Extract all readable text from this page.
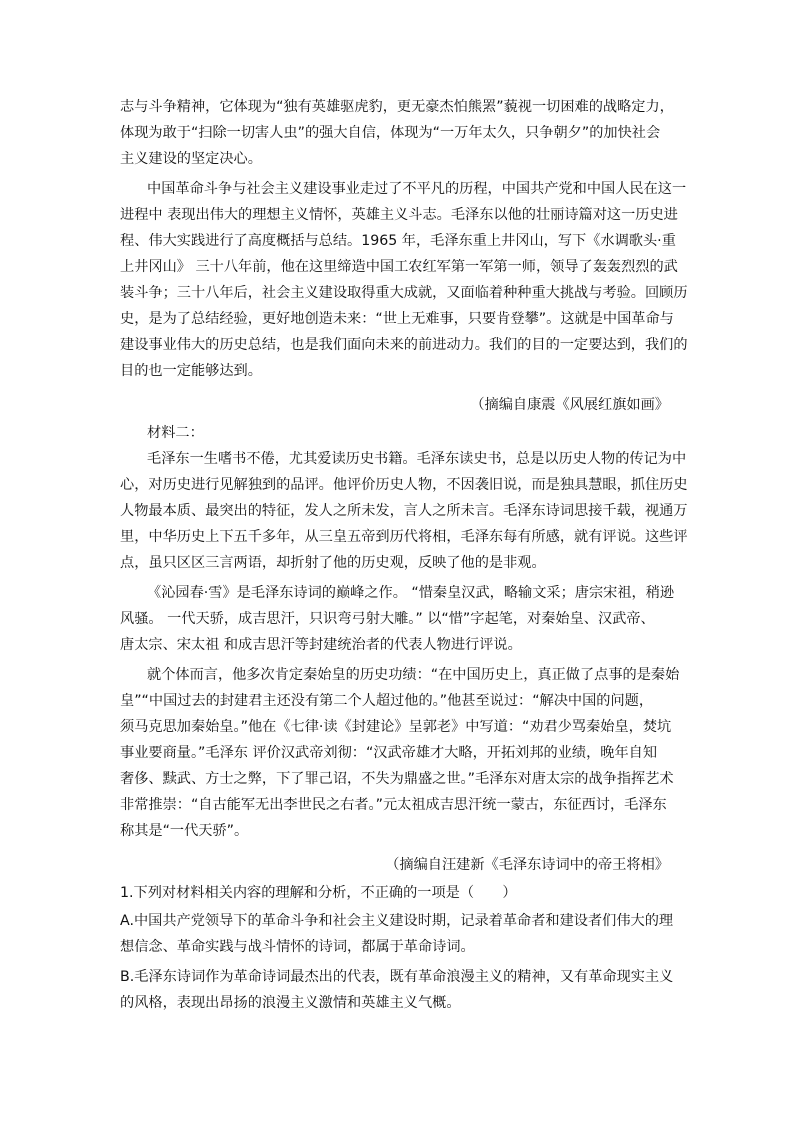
志与斗争精神，它体现为“独有英雄驱虎豹，更无豪杰怕熊罴”藐视一切困难的战略定力，
体现为敢于“扫除一切害人虫”的强大自信，体现为“一万年太久，只争朝夕”的加快社会
主义建设的坚定决心。
中国革命斗争与社会主义建设事业走过了不平凡的历程，中国共产党和中国人民在这一
进程中 表现出伟大的理想主义情怀，英雄主义斗志。毛泽东以他的壮丽诗篇对这一历史进
程、伟大实践进行了高度概括与总结。1965 年，毛泽东重上井冈山，写下《水调歌头·重
上井冈山》 三十八年前，他在这里缔造中国工农红军第一军第一师，领导了轰轰烈烈的武
装斗争；三十八年后，社会主义建设取得重大成就，又面临着种种重大挑战与考验。回顾历
史，是为了总结经验，更好地创造未来：“世上无难事，只要肯登攀”。这就是中国革命与
建设事业伟大的历史总结，也是我们面向未来的前进动力。我们的目的一定要达到，我们的
目的也一定能够达到。
（摘编自康震《风展红旗如画》
材料二：
毛泽东一生嗜书不倦，尤其爱读历史书籍。毛泽东读史书，总是以历史人物的传记为中
心，对历史进行见解独到的品评。他评价历史人物，不因袭旧说，而是独具慧眼，抓住历史
人物最本质、最突出的特征，发人之所未发，言人之所未言。毛泽东诗词思接千载，视通万
里，中华历史上下五千多年，从三皇五帝到历代将相，毛泽东每有所感，就有评说。这些评
点，虽只区区三言两语，却折射了他的历史观，反映了他的是非观。
《沁园春·雪》是毛泽东诗词的巅峰之作。 “惜秦皇汉武，略输文采；唐宗宋祖，稍逊
风骚。 一代天骄，成吉思汗，只识弯弓射大雕。” 以“惜”字起笔，对秦始皇、汉武帝、
唐太宗、宋太祖 和成吉思汗等封建统治者的代表人物进行评说。
就个体而言，他多次肯定秦始皇的历史功绩：“在中国历史上，真正做了点事的是秦始
皇”“中国过去的封建君主还没有第二个人超过他的。”他甚至说过：“解决中国的问题，
须马克思加秦始皇。”他在《七律·读《封建论》呈郭老》中写道：“劝君少骂秦始皇，焚坑
事业要商量。”毛泽东 评价汉武帝刘彻：“汉武帝雄才大略，开拓刘邦的业绩，晚年自知
奢侈、黩武、方士之弊，下了罪己诏，不失为鼎盛之世。”毛泽东对唐太宗的战争指挥艺术
非常推崇：“自古能军无出李世民之右者。”元太祖成吉思汗统一蒙古，东征西讨，毛泽东
称其是“一代天骄”。
（摘编自汪建新《毛泽东诗词中的帝王将相》
1.下列对材料相关内容的理解和分析，不正确的一项是（　　）
A.中国共产党领导下的革命斗争和社会主义建设时期，记录着革命者和建设者们伟大的理
想信念、革命实践与战斗情怀的诗词，都属于革命诗词。
B.毛泽东诗词作为革命诗词最杰出的代表，既有革命浪漫主义的精神，又有革命现实主义
的风格，表现出昂扬的浪漫主义激情和英雄主义气概。
